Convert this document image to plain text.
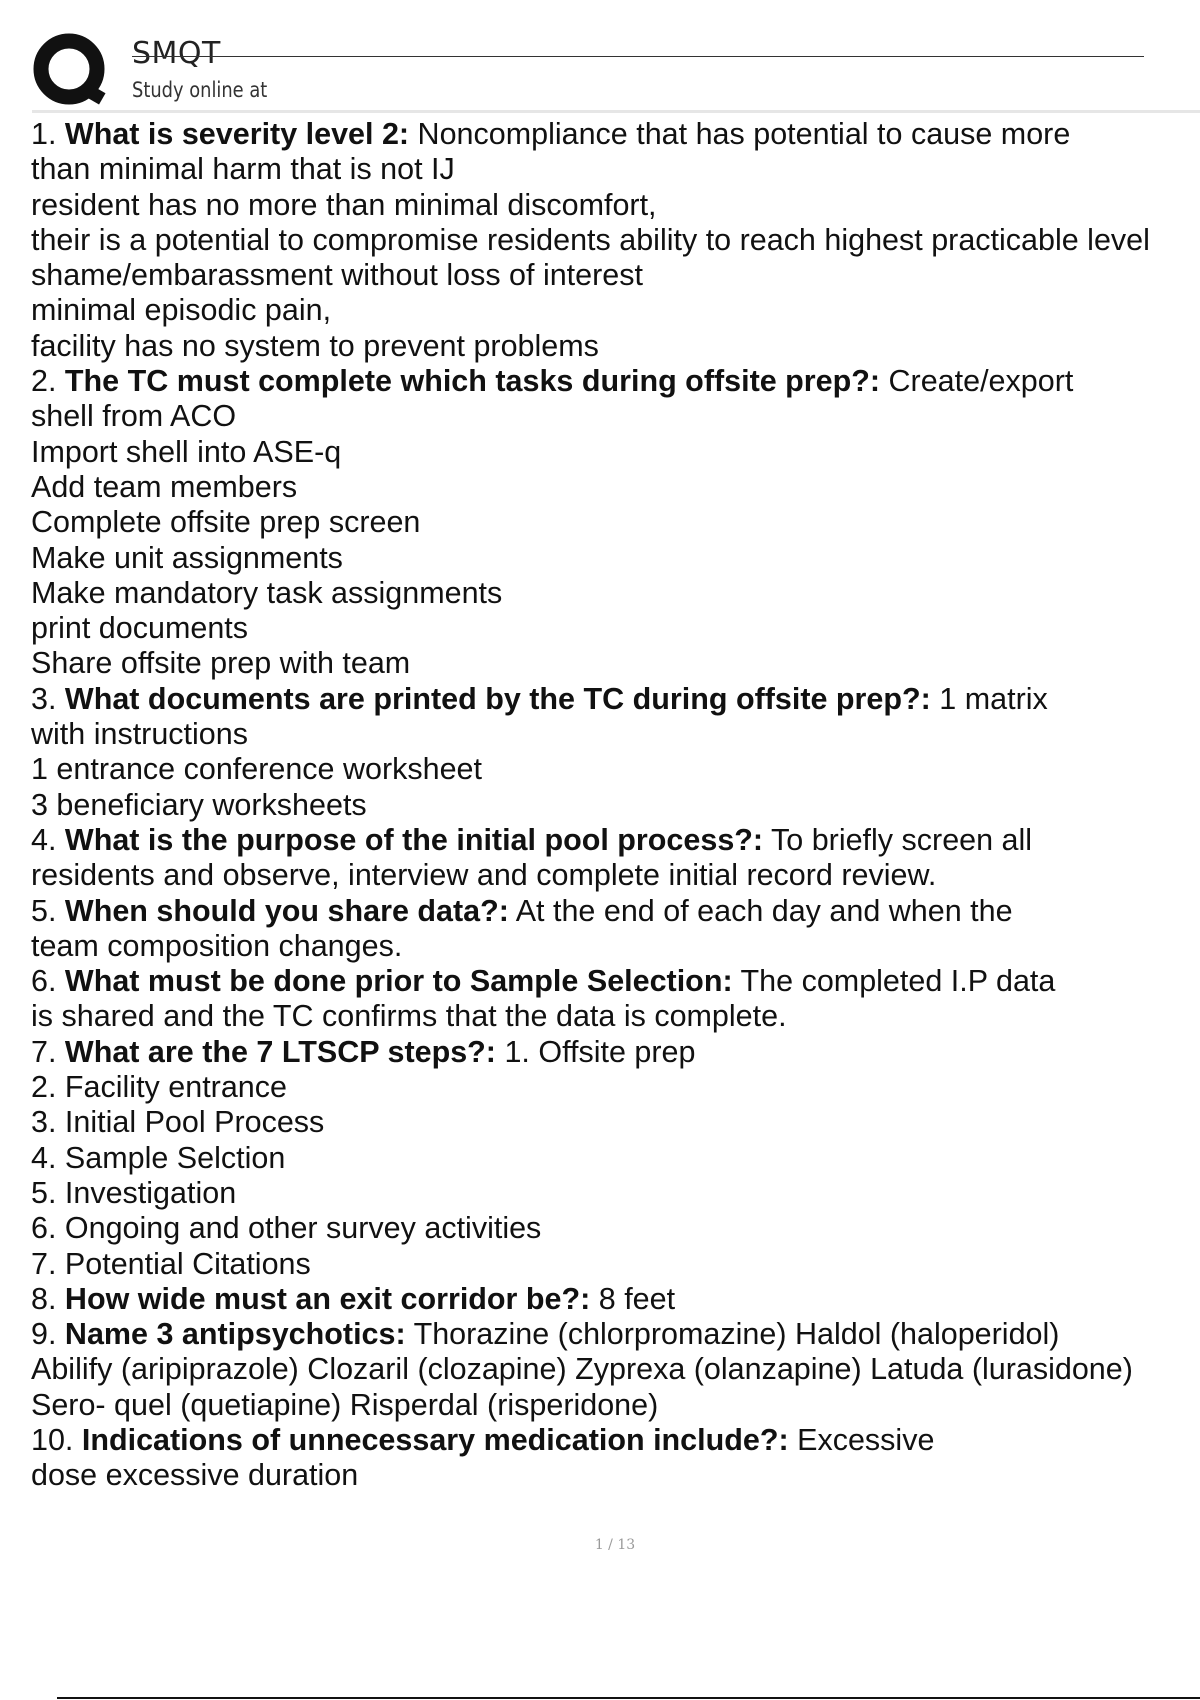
SMQT
Study online at
1. What is severity level 2: Noncompliance that has potential to cause more
than minimal harm that is not IJ
resident has no more than minimal discomfort,
their is a potential to compromise residents ability to reach highest practicable level
shame/embarassment without loss of interest
minimal episodic pain,
facility has no system to prevent problems
2. The TC must complete which tasks during offsite prep?: Create/export
shell from ACO
Import shell into ASE-q
Add team members
Complete offsite prep screen
Make unit assignments
Make mandatory task assignments
print documents
Share offsite prep with team
3. What documents are printed by the TC during offsite prep?: 1 matrix
with instructions
1 entrance conference worksheet
3 beneficiary worksheets
4. What is the purpose of the initial pool process?: To briefly screen all
residents and observe, interview and complete initial record review.
5. When should you share data?: At the end of each day and when the
team composition changes.
6. What must be done prior to Sample Selection: The completed I.P data
is shared and the TC confirms that the data is complete.
7. What are the 7 LTSCP steps?: 1. Offsite prep
2. Facility entrance
3. Initial Pool Process
4. Sample Selction
5. Investigation
6. Ongoing and other survey activities
7. Potential Citations
8. How wide must an exit corridor be?: 8 feet
9. Name 3 antipsychotics: Thorazine (chlorpromazine) Haldol (haloperidol)
Abilify (aripiprazole) Clozaril (clozapine) Zyprexa (olanzapine) Latuda (lurasidone)
Sero- quel (quetiapine) Risperdal (risperidone)
10. Indications of unnecessary medication include?: Excessive
dose excessive duration
1 / 13
